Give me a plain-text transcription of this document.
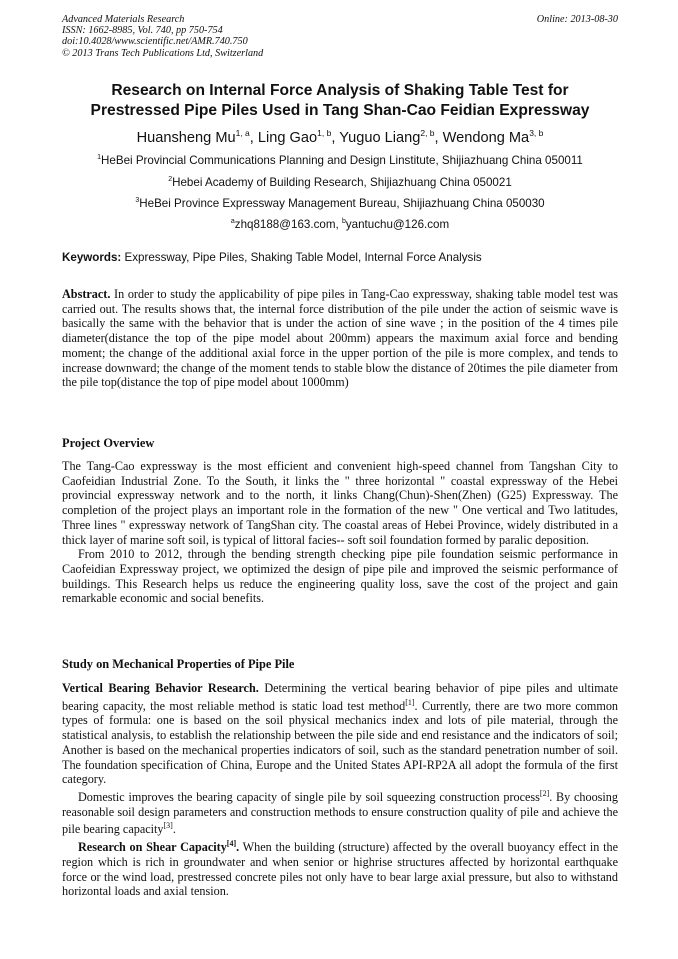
Advanced Materials Research
ISSN: 1662-8985, Vol. 740, pp 750-754
doi:10.4028/www.scientific.net/AMR.740.750
© 2013 Trans Tech Publications Ltd, Switzerland
Online: 2013-08-30
Research on Internal Force Analysis of Shaking Table Test for
Prestressed Pipe Piles Used in Tang Shan-Cao Feidian Expressway
Huansheng Mu$^{1, a}$, Ling Gao$^{1, b}$, Yuguo Liang$^{2, b}$, Wendong Ma$^{3, b}$
$^1$HeBei Provincial Communications Planning and Design Linstitute, Shijiazhuang China 050011
$^2$Hebei Academy of Building Research, Shijiazhuang China 050021
$^3$HeBei Province Expressway Management Bureau, Shijiazhuang China 050030
$^a$zhq8188@163.com, $^b$yantuchu@126.com
Keywords: Expressway, Pipe Piles, Shaking Table Model, Internal Force Analysis

Abstract. In order to study the applicability of pipe piles in Tang-Cao expressway, shaking table model test was carried out. The results shows that, the internal force distribution of the pile under the action of seismic wave is basically the same with the behavior that is under the action of sine wave ; in the position of the 4 times pile diameter(distance the top of the pipe model about 200mm) appears the maximum axial force and bending moment; the change of the additional axial force in the upper portion of the pile is more complex, and tends to increase downward; the change of the moment tends to stable blow the distance of 20times the pile diameter from the pile top(distance the top of pipe model about 1000mm)

Project Overview

The Tang-Cao expressway is the most efficient and convenient high-speed channel from Tangshan City to Caofeidian Industrial Zone. To the South, it links the " three horizontal " coastal expressway of the Hebei provincial expressway network and to the north, it links Chang(Chun)-Shen(Zhen) (G25) Expressway. The completion of the project plays an important role in the formation of the new " One vertical and Two latitudes, Three lines " expressway network of TangShan city. The coastal areas of Hebei Province, widely distributed in a thick layer of marine soft soil, is typical of littoral facies-- soft soil foundation formed by paralic deposition.

From 2010 to 2012, through the bending strength checking pipe pile foundation seismic performance in Caofeidian Expressway project, we optimized the design of pipe pile and improved the seismic performance of buildings. This Research helps us reduce the engineering quality loss, save the cost of the project and gain remarkable economic and social benefits.

Study on Mechanical Properties of Pipe Pile

Vertical Bearing Behavior Research. Determining the vertical bearing behavior of pipe piles and ultimate bearing capacity, the most reliable method is static load test method[1]. Currently, there are two more common types of formula: one is based on the soil physical mechanics index and lots of pile material, through the statistical analysis, to establish the relationship between the pile side and end resistance and the indicators of soil; Another is based on the mechanical properties indicators of soil, such as the standard penetration number of soil. The foundation specification of China, Europe and the United States API-RP2A all adopt the formula of the first category.

Domestic improves the bearing capacity of single pile by soil squeezing construction process[2]. By choosing reasonable soil design parameters and construction methods to ensure construction quality of pile and achieve the pile bearing capacity[3].

Research on Shear Capacity[4]. When the building (structure) affected by the overall buoyancy effect in the region which is rich in groundwater and when senior or highrise structures affected by horizontal earthquake force or the wind load, prestressed concrete piles not only have to bear large axial pressure, but also to withstand horizontal loads and axial tension.
